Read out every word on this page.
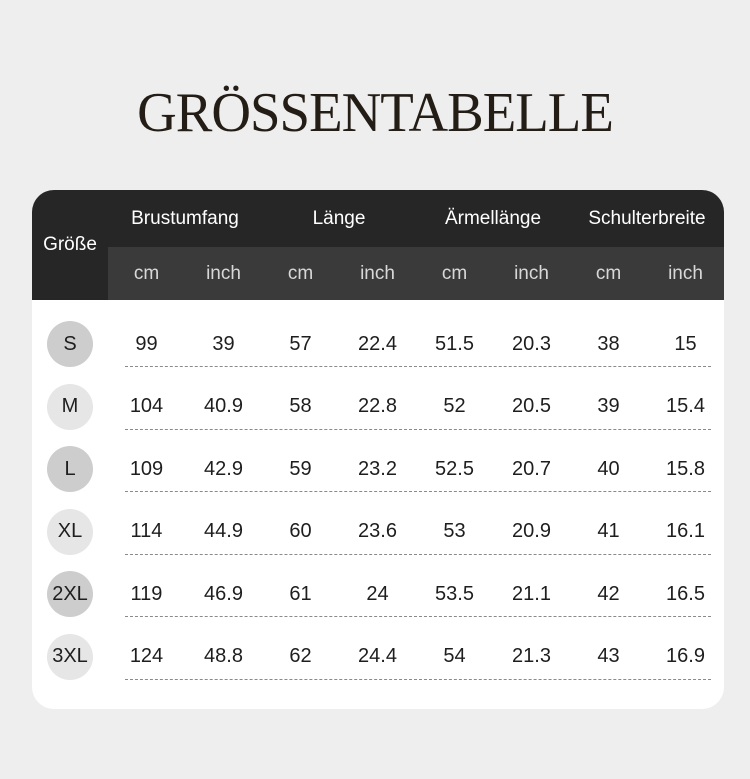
GRÖSSENTABELLE
Größe
Brustumfang	Länge	Ärmellänge	Schulterbreite
cm	inch	cm	inch	cm	inch	cm	inch
S	99	39	57	22.4	51.5	20.3	38	15
M	104	40.9	58	22.8	52	20.5	39	15.4
L	109	42.9	59	23.2	52.5	20.7	40	15.8
XL	114	44.9	60	23.6	53	20.9	41	16.1
2XL	119	46.9	61	24	53.5	21.1	42	16.5
3XL	124	48.8	62	24.4	54	21.3	43	16.9
